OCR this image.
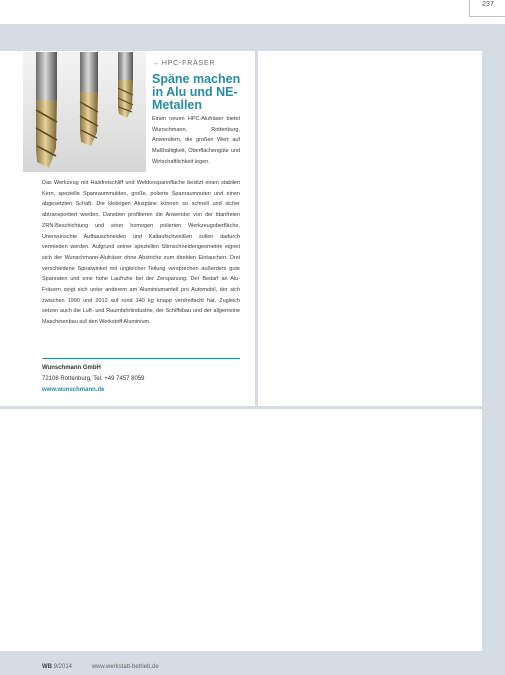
237
→ HPC-FRÄSER
Späne machen in Alu und NE-Metallen

Einen neuen HPC-Alufräser bietet Wunschmann, Rottenburg, Anwendern, die großen Wert auf Maßhaltigkeit, Oberflächengüte und Wirtschaftlichkeit legen.

Das Werkzeug mit Halsfreischliff und Weldonspannfläche besitzt einen stabilen Kern, spezielle Spanraummulden, große, polierte Spanraumnuten und einen abgesetzten Schaft. Die klebrigen Aluspäne können so schnell und sicher abtransportiert werden. Daneben profitieren die Anwender von der titanfreien ZRN-Beschichtung und einer homogen polierten Werkzeugoberfläche. Unerwünschte Aufbauschneiden und Kaltaufschweißen sollen dadurch vermieden werden. Aufgrund seiner speziellen Stirnschneidengeometrie eignet sich der Wunschmann-Alufräser ohne Abstriche zum direkten Eintauchen. Drei verschiedene Spiralwinkel mit ungleicher Teilung versprechen außerdem gute Spanraten und eine hohe Laufruhe bei der Zerspanung. Der Bedarf an Alu-Fräsern zeigt sich unter anderem am Aluminiumanteil pro Automobil, der sich zwischen 1990 und 2012 auf rund 140 kg knapp verdreifacht hat. Zugleich setzen auch die Luft- und Raumfahrtindustrie, der Schiffsbau und der allgemeine Maschinenbau auf den Werkstoff Aluminium.

Wunschmann GmbH
72108 Rottenburg, Tel. +49 7457 8059
www.wunschmann.de
WB 9/2014	www.werkstatt-betrieb.de
